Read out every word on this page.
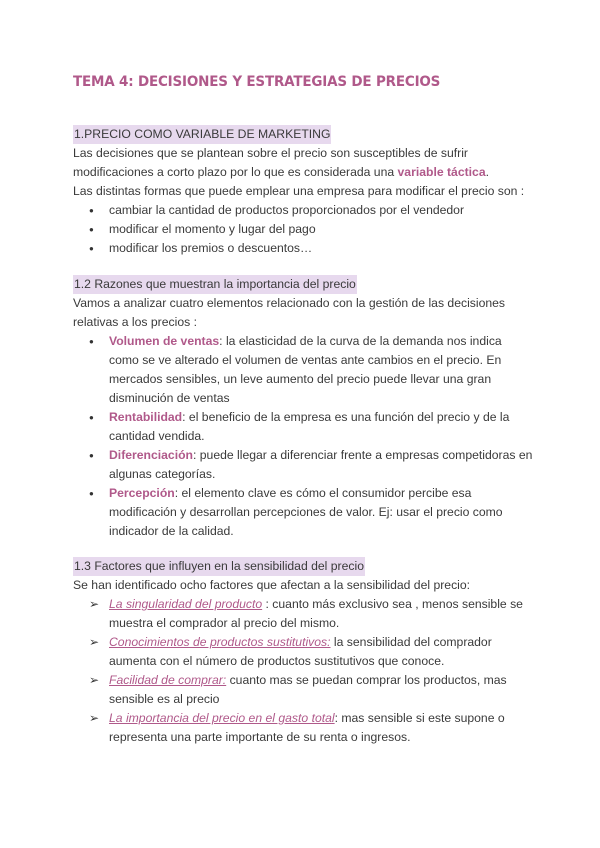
TEMA 4: DECISIONES Y ESTRATEGIAS DE PRECIOS
1.PRECIO COMO VARIABLE DE MARKETING

Las decisiones que se plantean sobre el precio son susceptibles de sufrir modificaciones a corto plazo por lo que es considerada una variable táctica.

Las distintas formas que puede emplear una empresa para modificar el precio son :

● cambiar la cantidad de productos proporcionados por el vendedor
● modificar el momento y lugar del pago
● modificar los premios o descuentos…
1.2 Razones que muestran la importancia del precio

Vamos a analizar cuatro elementos relacionado con la gestión de las decisiones relativas a los precios :

● Volumen de ventas: la elasticidad de la curva de la demanda nos indica como se ve alterado el volumen de ventas ante cambios en el precio. En mercados sensibles, un leve aumento del precio puede llevar una gran disminución de ventas
● Rentabilidad: el beneficio de la empresa es una función del precio y de la cantidad vendida.
● Diferenciación: puede llegar a diferenciar frente a empresas competidoras en algunas categorías.
● Percepción: el elemento clave es cómo el consumidor percibe esa modificación y desarrollan percepciones de valor. Ej: usar el precio como indicador de la calidad.
1.3 Factores que influyen en la sensibilidad del precio

Se han identificado ocho factores que afectan a la sensibilidad del precio:

➢ La singularidad del producto : cuanto más exclusivo sea , menos sensible se muestra el comprador al precio del mismo.
➢ Conocimientos de productos sustitutivos: la sensibilidad del comprador aumenta con el número de productos sustitutivos que conoce.
➢ Facilidad de comprar: cuanto mas se puedan comprar los productos, mas sensible es al precio
➢ La importancia del precio en el gasto total: mas sensible si este supone o representa una parte importante de su renta o ingresos.
